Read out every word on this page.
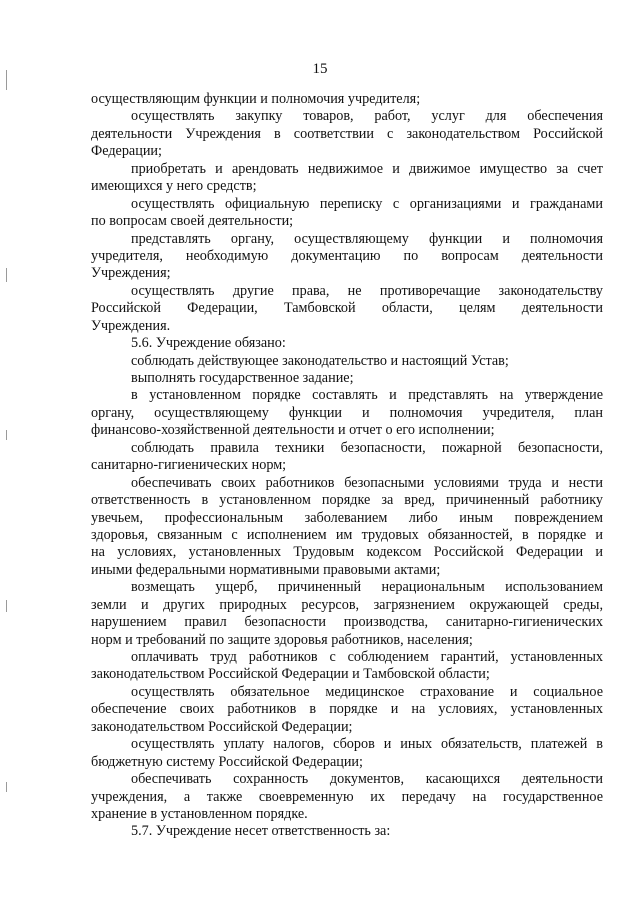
15
осуществляющим функции и полномочия учредителя;
осуществлять закупку товаров, работ, услуг для обеспечения
деятельности Учреждения в соответствии с законодательством Российской
Федерации;
приобретать и арендовать недвижимое и движимое имущество за счет
имеющихся у него средств;
осуществлять официальную переписку с организациями и гражданами
по вопросам своей деятельности;
представлять органу, осуществляющему функции и полномочия
учредителя, необходимую документацию по вопросам деятельности
Учреждения;
осуществлять другие права, не противоречащие законодательству
Российской Федерации, Тамбовской области, целям деятельности
Учреждения.
5.6. Учреждение обязано:
соблюдать действующее законодательство и настоящий Устав;
выполнять государственное задание;
в установленном порядке составлять и представлять на утверждение
органу, осуществляющему функции и полномочия учредителя, план
финансово-хозяйственной деятельности и отчет о его исполнении;
соблюдать правила техники безопасности, пожарной безопасности,
санитарно-гигиенических норм;
обеспечивать своих работников безопасными условиями труда и нести
ответственность в установленном порядке за вред, причиненный работнику
увечьем, профессиональным заболеванием либо иным повреждением
здоровья, связанным с исполнением им трудовых обязанностей, в порядке и
на условиях, установленных Трудовым кодексом Российской Федерации и
иными федеральными нормативными правовыми актами;
возмещать ущерб, причиненный нерациональным использованием
земли и других природных ресурсов, загрязнением окружающей среды,
нарушением правил безопасности производства, санитарно-гигиенических
норм и требований по защите здоровья работников, населения;
оплачивать труд работников с соблюдением гарантий, установленных
законодательством Российской Федерации и Тамбовской области;
осуществлять обязательное медицинское страхование и социальное
обеспечение своих работников в порядке и на условиях, установленных
законодательством Российской Федерации;
осуществлять уплату налогов, сборов и иных обязательств, платежей в
бюджетную систему Российской Федерации;
обеспечивать сохранность документов, касающихся деятельности
учреждения, а также своевременную их передачу на государственное
хранение в установленном порядке.
5.7. Учреждение несет ответственность за:
